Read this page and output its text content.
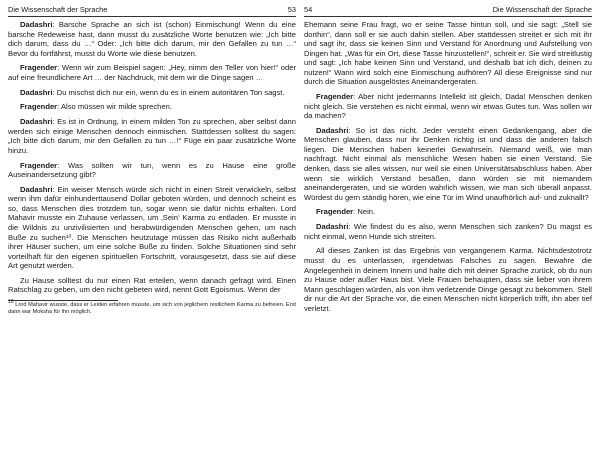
Die Wissenschaft der Sprache	53
Dadashri: Barsche Sprache an sich ist (schon) Einmischung! Wenn du eine barsche Redeweise hast, dann musst du zusätzliche Worte benutzen wie: „Ich bitte dich darum, dass du …“ Oder: „Ich bitte dich darum, mir den Gefallen zu tun …“ Bevor du fortfährst, musst du Worte wie diese benutzen.
Fragender: Wenn wir zum Beispiel sagen: „Hey, nimm den Teller von hier!“ oder auf eine freundlichere Art … der Nachdruck, mit dem wir die Dinge sagen …
Dadashri: Du mischst dich nur ein, wenn du es in einem autoritären Ton sagst.
Fragender: Also müssen wir milde sprechen.
Dadashri: Es ist in Ordnung, in einem milden Ton zu sprechen, aber selbst dann werden sich einige Menschen dennoch einmischen. Stattdessen solltest du sagen: „Ich bitte dich darum, mir den Gefallen zu tun …!“ Füge ein paar zusätzliche Worte hinzu.
Fragender: Was sollten wir tun, wenn es zu Hause eine große Auseinandersetzung gibt?
Dadashri: Ein weiser Mensch würde sich nicht in einen Streit verwickeln, selbst wenn ihm dafür einhunderttausend Dollar geboten würden, und dennoch scheint es so, dass Menschen dies trotzdem tun, sogar wenn sie dafür nichts erhalten. Lord Mahavir musste ein Zuhause verlassen, um ‚Sein‘ Karma zu entladen. Er musste in die Wildnis zu unzivilisierten und herabwürdigenden Menschen gehen, um nach Buße zu suchen¹⁰. Die Menschen heutzutage müssen das Risiko nicht außerhalb ihrer Häuser suchen, um eine solche Buße zu finden. Solche Situationen sind sehr vorteilhaft für den eigenen spirituellen Fortschritt, vorausgesetzt, dass sie auf diese Art genutzt werden.
Zu Hause solltest du nur einen Rat erteilen, wenn danach gefragt wird. Einen Ratschlag zu geben, um den nicht gebeten wird, nennt Gott Egoismus. Wenn der
$^{10}$ Lord Mahavir wusste, dass er Leiden erfahren musste, um sich von jeglichem restlichem Karma zu befreien. Erst dann war Moksha für ihn möglich.
54	Die Wissenschaft der Sprache
Ehemann seine Frau fragt, wo er seine Tasse hintun soll, und sie sagt: „Stell sie dorthin“, dann soll er sie auch dahin stellen. Aber stattdessen streitet er sich mit ihr und sagt ihr, dass sie keinen Sinn und Verstand für Anordnung und Aufstellung von Dingen hat. „Was für ein Ort, diese Tasse hinzustellen!“, schreit er. Sie wird streitlustig und sagt: „Ich habe keinen Sinn und Verstand, und deshalb bat ich dich, deinen zu nutzen!“ Wann wird solch eine Einmischung aufhören? All diese Ereignisse sind nur durch die Situation ausgelöstes Aneinandergeraten.
Fragender: Aber nicht jedermanns Intellekt ist gleich, Dada! Menschen denken nicht gleich. Sie verstehen es nicht einmal, wenn wir etwas Gutes tun. Was sollen wir da machen?
Dadashri: So ist das nicht. Jeder versteht einen Gedankengang, aber die Menschen glauben, dass nur ihr Denken richtig ist und dass die anderen falsch liegen. Die Menschen haben keinerlei Gewahrsein. Niemand weiß, wie man nachfragt. Nicht einmal als menschliche Wesen haben sie einen Verstand. Sie denken, dass sie alles wissen, nur weil sie einen Universitätsabschluss haben. Aber wenn sie wirklich Verstand besäßen, dann würden sie mit niemandem aneinandergeraten, und sie würden wahrlich wissen, wie man sich überall anpasst. Würdest du gern ständig hören, wie eine Tür im Wind unaufhörlich auf- und zuknallt?
Fragender: Nein.
Dadashri: Wie findest du es also, wenn Menschen sich zanken? Du magst es nicht einmal, wenn Hunde sich streiten.
All dieses Zanken ist das Ergebnis von vergangenem Karma. Nichtsdestotrotz musst du es unterlassen, irgendetwas Falsches zu sagen. Bewahre die Angelegenheit in deinem Innern und halte dich mit deiner Sprache zurück, ob du nun zu Hause oder außer Haus bist. Viele Frauen behaupten, dass sie lieber von ihrem Mann geschlagen würden, als von ihm verletzende Dinge gesagt zu bekommen. Stell dir nur die Art der Sprache vor, die einen Menschen nicht körperlich trifft, ihn aber tief verletzt.
